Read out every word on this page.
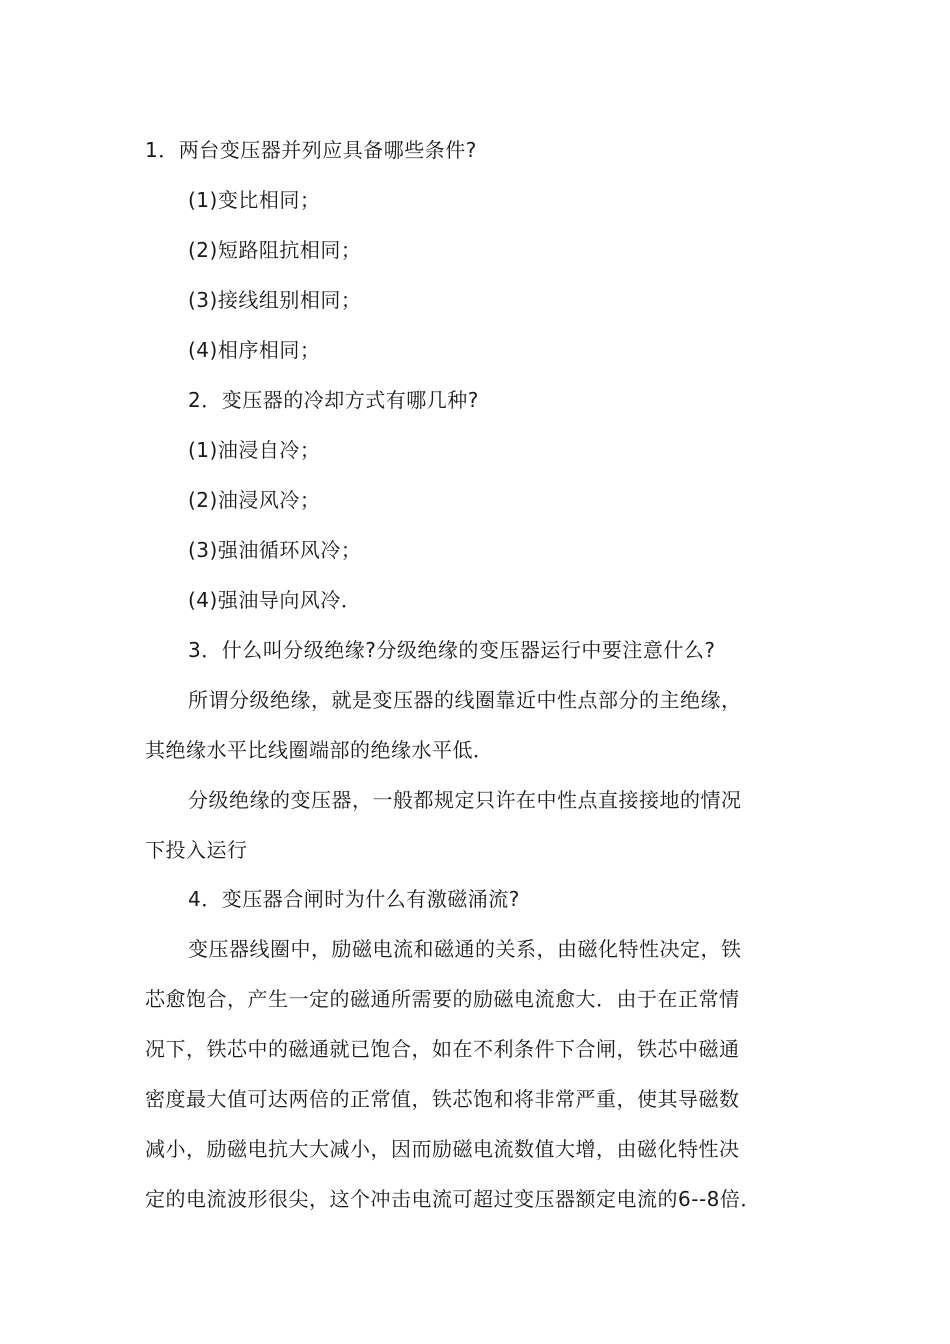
1．两台变压器并列应具备哪些条件?
(1)变比相同；
(2)短路阻抗相同；
(3)接线组别相同；
(4)相序相同；
2．变压器的冷却方式有哪几种?
(1)油浸自冷；
(2)油浸风冷；
(3)强油循环风冷；
(4)强油导向风冷．
3．什么叫分级绝缘?分级绝缘的变压器运行中要注意什么?
所谓分级绝缘，就是变压器的线圈靠近中性点部分的主绝缘，
其绝缘水平比线圈端部的绝缘水平低．
分级绝缘的变压器，一般都规定只许在中性点直接接地的情况
下投入运行
4．变压器合闸时为什么有激磁涌流?
变压器线圈中，励磁电流和磁通的关系，由磁化特性决定，铁
芯愈饱合，产生一定的磁通所需要的励磁电流愈大．由于在正常情
况下，铁芯中的磁通就已饱合，如在不利条件下合闸，铁芯中磁通
密度最大值可达两倍的正常值，铁芯饱和将非常严重，使其导磁数
减小，励磁电抗大大减小，因而励磁电流数值大增，由磁化特性决
定的电流波形很尖，这个冲击电流可超过变压器额定电流的6--8倍．
